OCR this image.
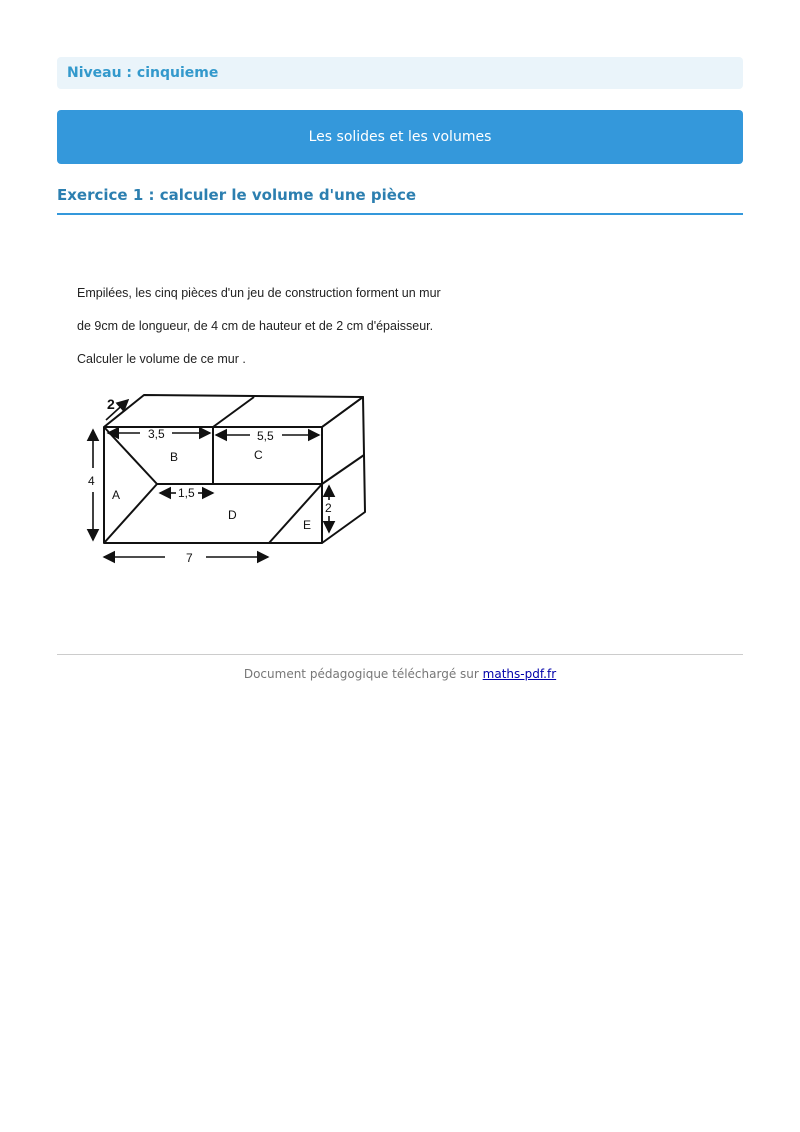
Niveau : cinquieme
Les solides et les volumes
Exercice 1 : calculer le volume d'une pièce

Empilées, les cinq pièces d'un jeu de construction forment un mur

de 9cm de longueur, de 4 cm de hauteur et de 2 cm d'épaisseur.

Calculer le volume de ce mur .

2
3,5	5,5
4
1,5
2
7
A
B	C
D
E
Document pédagogique téléchargé sur maths-pdf.fr
